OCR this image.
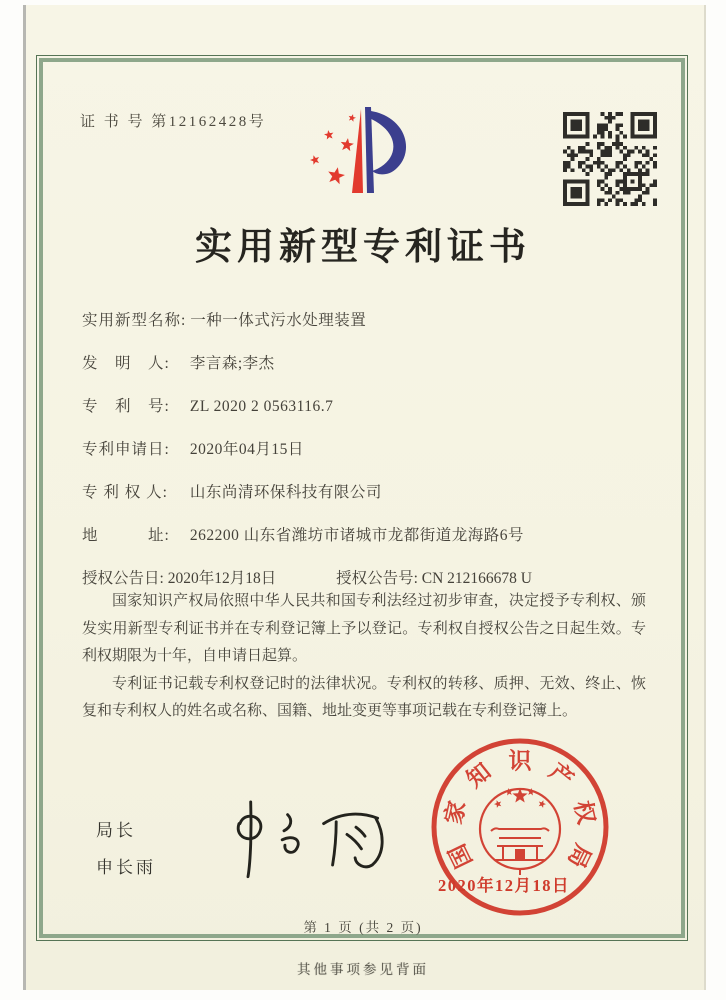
证 书 号 第12162428号
实用新型专利证书
实用新型名称: 一种一体式污水处理装置
发　明　人: 李言森;李杰
专　利　号: ZL 2020 2 0563116.7
专利申请日: 2020年04月15日
专 利 权 人: 山东尚清环保科技有限公司
地　　　址: 262200 山东省潍坊市诸城市龙都街道龙海路6号
授权公告日: 2020年12月18日	授权公告号: CN 212166678 U

国家知识产权局依照中华人民共和国专利法经过初步审查，决定授予专利权、颁发实用新型专利证书并在专利登记簿上予以登记。专利权自授权公告之日起生效。专利权期限为十年，自申请日起算。

专利证书记载专利权登记时的法律状况。专利权的转移、质押、无效、终止、恢复和专利权人的姓名或名称、国籍、地址变更等事项记载在专利登记簿上。

局长
申长雨	国
家
知 识 产
权
局
2020年12月18日
第 1 页 (共 2 页)
其他事项参见背面
